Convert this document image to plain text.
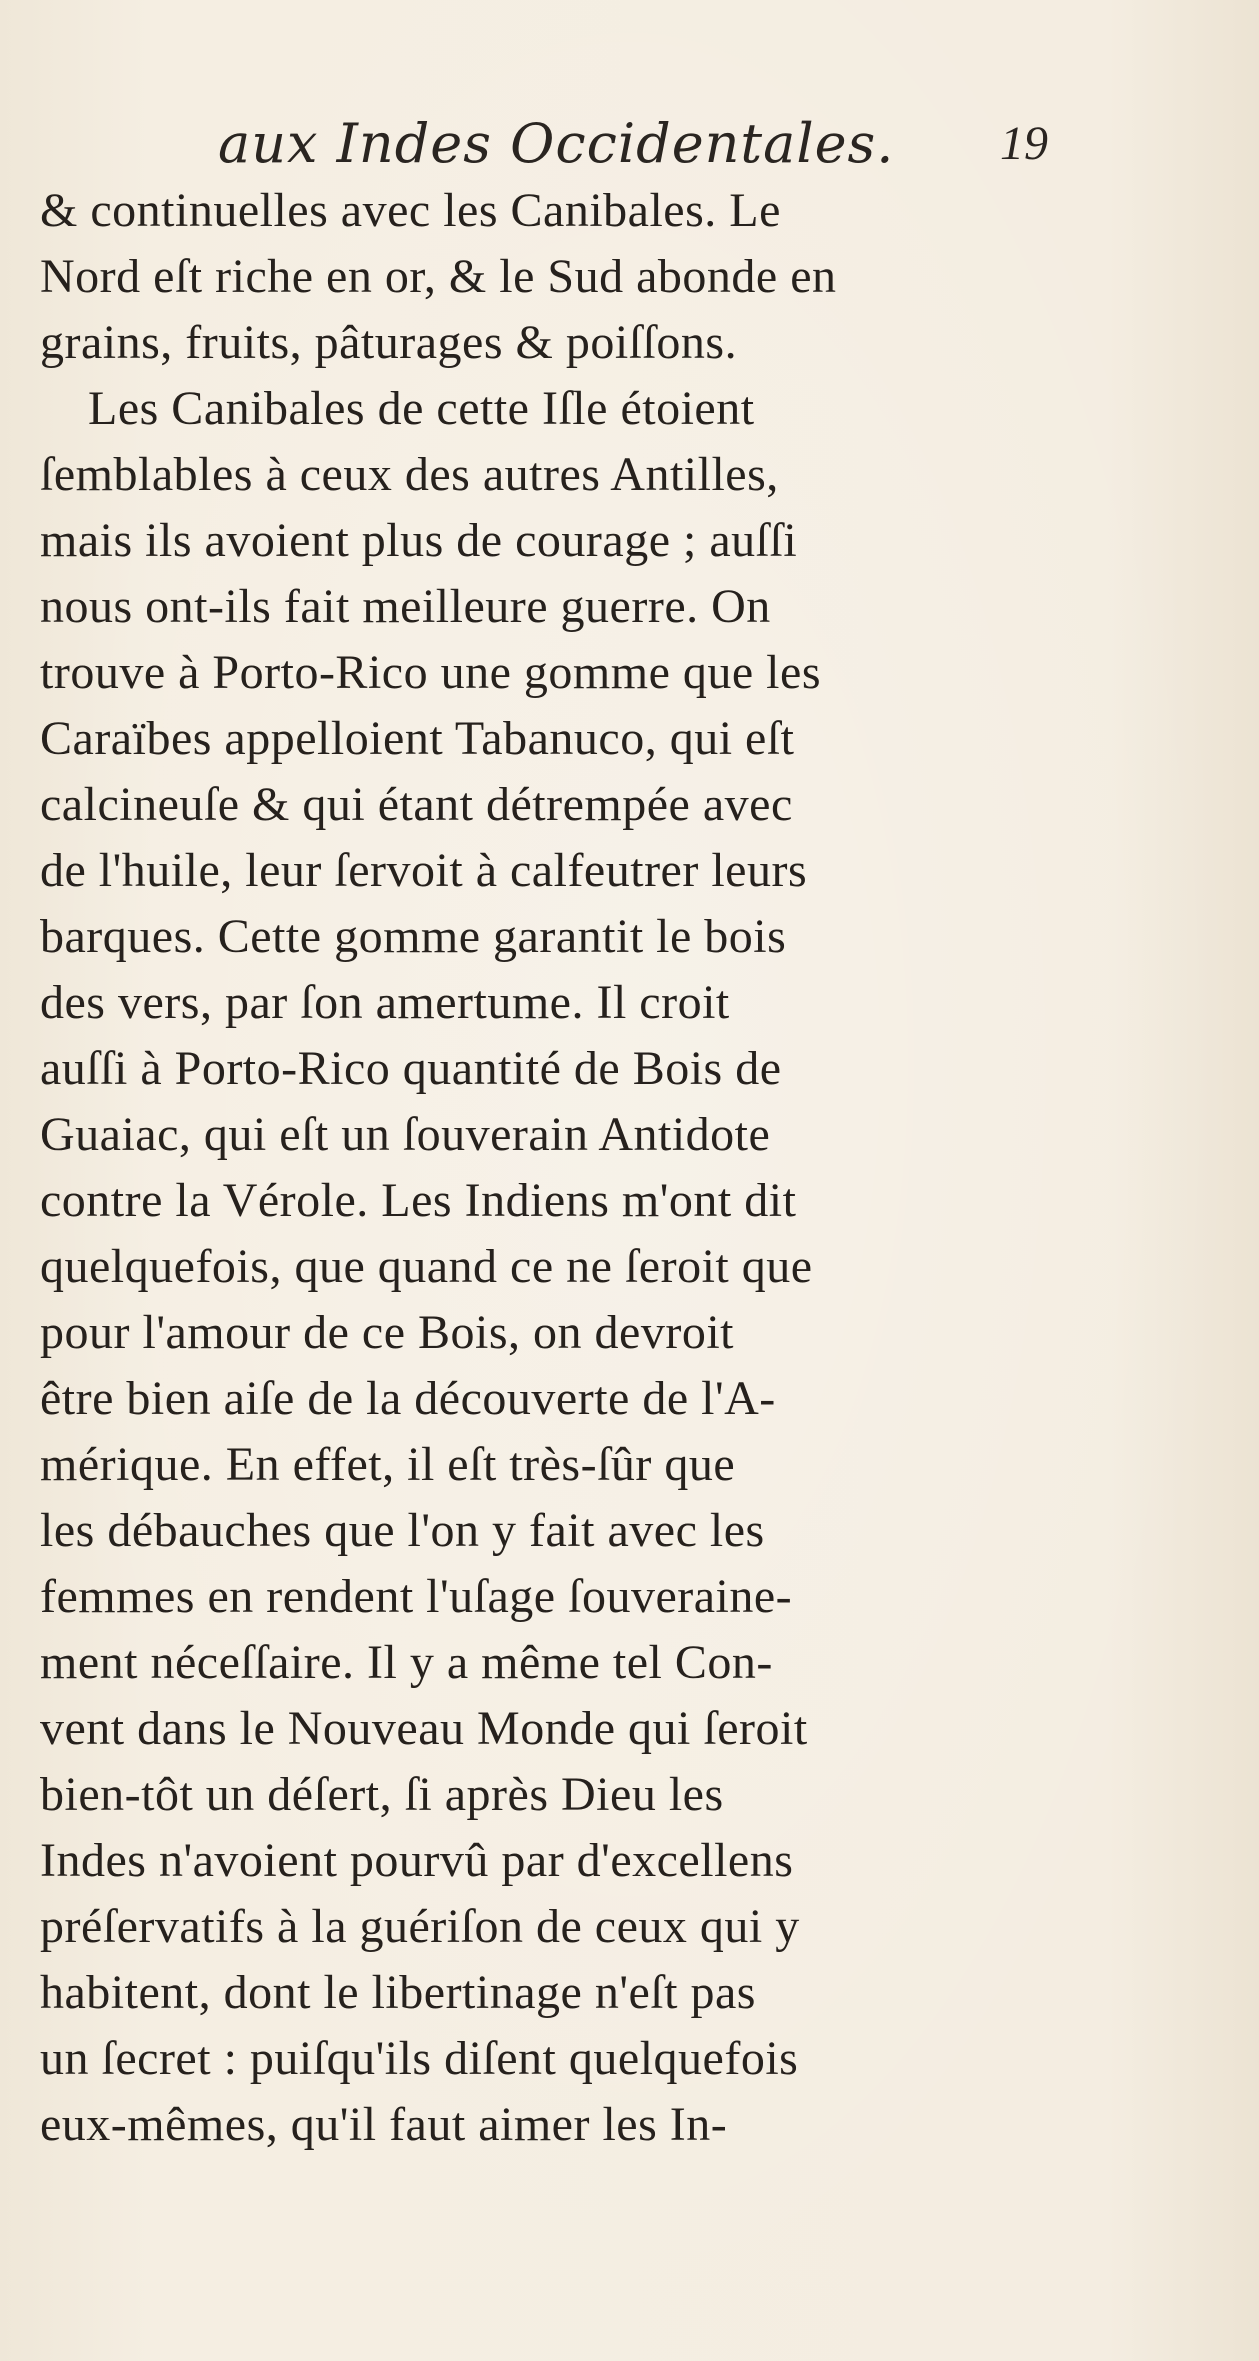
aux Indes Occidentales. 19
& continuelles avec les Canibales. Le
Nord eſt riche en or, & le Sud abonde en
grains, fruits, pâturages & poiſſons.
Les Canibales de cette Iſle étoient
ſemblables à ceux des autres Antilles,
mais ils avoient plus de courage ; auſſi
nous ont-ils fait meilleure guerre. On
trouve à Porto-Rico une gomme que les
Caraïbes appelloient Tabanuco, qui eſt
calcineuſe & qui étant détrempée avec
de l'huile, leur ſervoit à calfeutrer leurs
barques. Cette gomme garantit le bois
des vers, par ſon amertume. Il croit
auſſi à Porto-Rico quantité de Bois de
Guaiac, qui eſt un ſouverain Antidote
contre la Vérole. Les Indiens m'ont dit
quelquefois, que quand ce ne ſeroit que
pour l'amour de ce Bois, on devroit
être bien aiſe de la découverte de l'A-
mérique. En effet, il eſt très-ſûr que
les débauches que l'on y fait avec les
femmes en rendent l'uſage ſouveraine-
ment néceſſaire. Il y a même tel Con-
vent dans le Nouveau Monde qui ſeroit
bien-tôt un déſert, ſi après Dieu les
Indes n'avoient pourvû par d'excellens
préſervatifs à la guériſon de ceux qui y
habitent, dont le libertinage n'eſt pas
un ſecret : puiſqu'ils diſent quelquefois
eux-mêmes, qu'il faut aimer les In-
